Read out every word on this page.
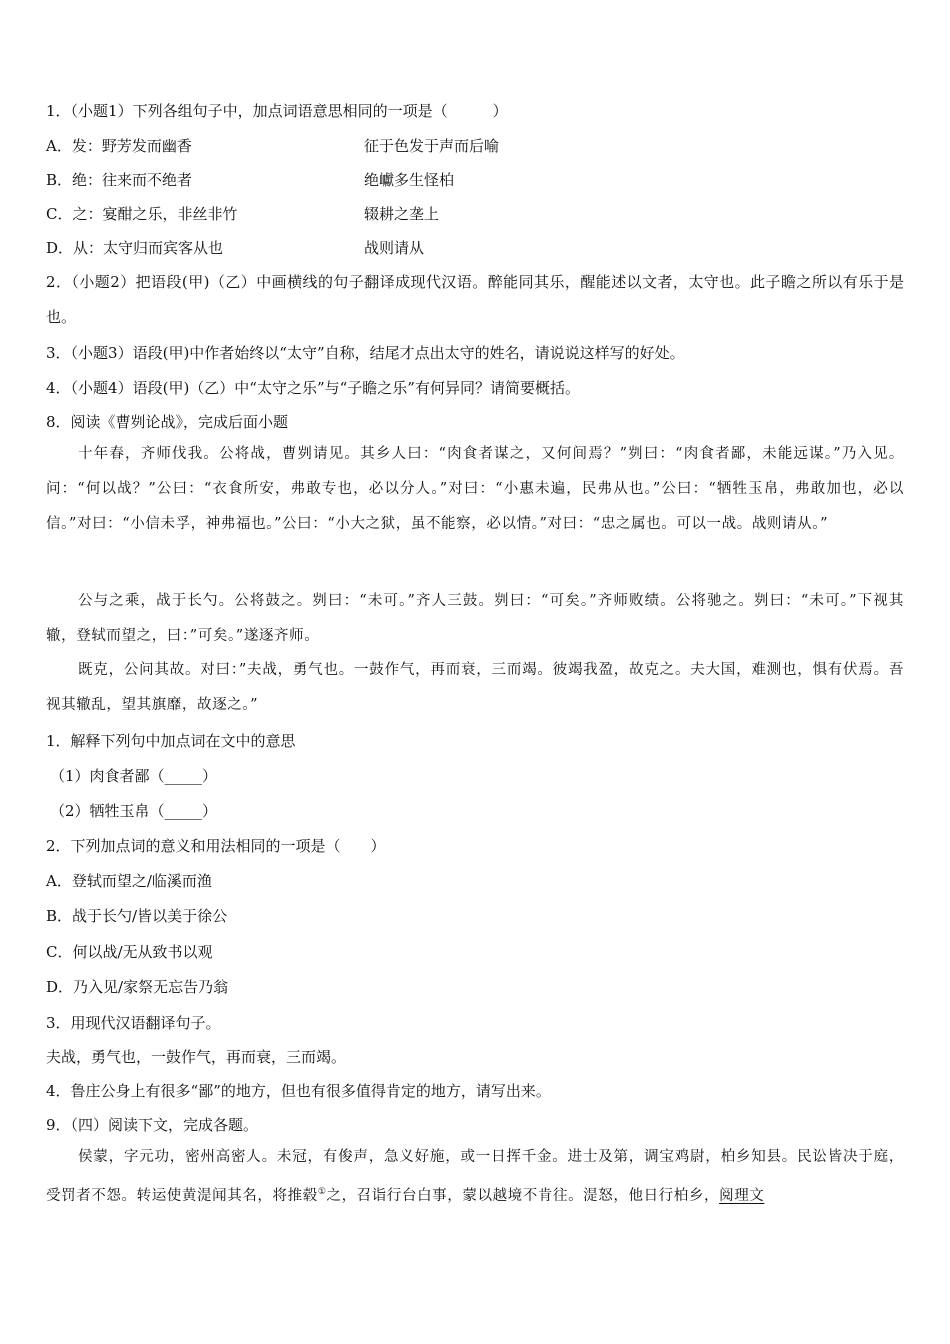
1．（小题1）下列各组句子中，加点词语意思相同的一项是（　　　）
A．发：野芳发而幽香	征于色发于声而后喻
B．绝：往来而不绝者	绝巘多生怪柏
C．之：宴酣之乐，非丝非竹	辍耕之垄上
D．从：太守归而宾客从也	战则请从
2．（小题2）把语段(甲)（乙）中画横线的句子翻译成现代汉语。醉能同其乐，醒能述以文者，太守也。此子瞻之所以有乐于是也。
3．（小题3）语段(甲)中作者始终以“太守”自称，结尾才点出太守的姓名，请说说这样写的好处。
4．（小题4）语段(甲)（乙）中“太守之乐”与“子瞻之乐”有何异同？请简要概括。
8．阅读《曹刿论战》，完成后面小题
十年春，齐师伐我。公将战，曹刿请见。其乡人曰：“肉食者谋之，又何间焉？”刿曰：“肉食者鄙，未能远谋。”乃入见。问：“何以战？”公曰：“衣食所安，弗敢专也，必以分人。”对曰：“小惠未遍，民弗从也。”公曰：“牺牲玉帛，弗敢加也，必以信。”对曰：“小信未孚，神弗福也。”公曰：“小大之狱，虽不能察，必以情。”对曰：“忠之属也。可以一战。战则请从。”
公与之乘，战于长勺。公将鼓之。刿曰：“未可。”齐人三鼓。刿曰：“可矣。”齐师败绩。公将驰之。刿曰：“未可。”下视其辙，登轼而望之，曰：”可矣。”遂逐齐师。
既克，公问其故。对曰：”夫战，勇气也。一鼓作气，再而衰，三而竭。彼竭我盈，故克之。夫大国，难测也，惧有伏焉。吾视其辙乱，望其旗靡，故逐之。”
1．解释下列句中加点词在文中的意思
（1）肉食者鄙（_____）
（2）牺牲玉帛（_____）
2．下列加点词的意义和用法相同的一项是（　　）
A．登轼而望之/临溪而渔
B．战于长勺/皆以美于徐公
C．何以战/无从致书以观
D．乃入见/家祭无忘告乃翁
3．用现代汉语翻译句子。
夫战，勇气也，一鼓作气，再而衰，三而竭。
4．鲁庄公身上有很多“鄙”的地方，但也有很多值得肯定的地方，请写出来。
9．（四）阅读下文，完成各题。
侯蒙，字元功，密州高密人。未冠，有俊声，急义好施，或一日挥千金。进士及第，调宝鸡尉，柏乡知县。民讼皆决于庭，受罚者不怨。转运使黄湜闻其名，将推毂①之，召诣行台白事，蒙以越境不肯往。湜怒，他日行柏乡，阅理文
